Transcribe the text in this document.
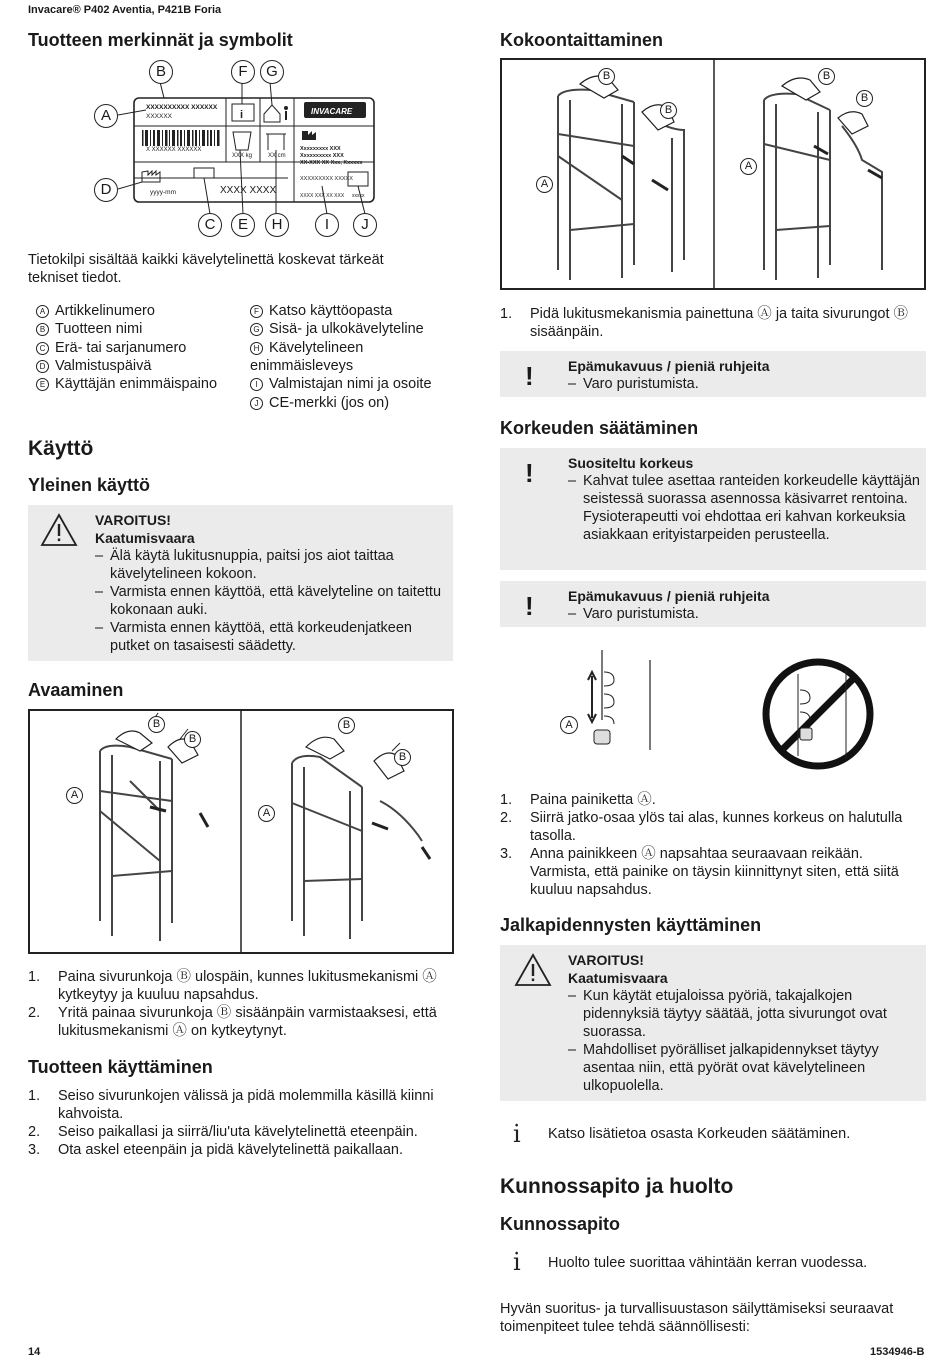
Invacare® P402 Aventia, P421B Foria
Tuotteen merkinnät ja symbolit
i	INVACARE
XXXXXXXXXX XXXXXX
XXXXXX
X XXXXXX XXXXXX
XXX kg	XX cm
Xxxxxxxxx XXX
Xxxxxxxxxx XXX
XX-XXX XX Xxx, Xxxxxx
yyyy-mm	XXXX XXXX
XXXXXXXXX XXXXX
XXXX XXX XX XXX xxxxx
B	F	G
A
D
C	E	H	I	J

Tietokilpi sisältää kaikki kävelytelinettä koskevat tärkeät tekniset tiedot.

A Artikkelinumero
B Tuotteen nimi
C Erä- tai sarjanumero
D Valmistuspäivä
E Käyttäjän enimmäispaino
F Katso käyttöopasta
G Sisä- ja ulkokävelyteline
H Kävelytelineen
enimmäisleveys
I Valmistajan nimi ja osoite
J CE-merkki (jos on)
Käyttö
Yleinen käyttö
VAROITUS!
Kaatumisvaara
– Älä käytä lukitusnuppia, paitsi jos aiot taittaa kävelytelineen kokoon.
– Varmista ennen käyttöä, että kävelyteline on taitettu kokonaan auki.
– Varmista ennen käyttöä, että korkeudenjatkeen putket on tasaisesti säädetty.
Avaaminen
B
B
A
B
B
A
1. Paina sivurunkoja Ⓑ ulospäin, kunnes lukitusmekanismi Ⓐ kytkeytyy ja kuuluu napsahdus.
2. Yritä painaa sivurunkoja Ⓑ sisäänpäin varmistaaksesi, että lukitusmekanismi Ⓐ on kytkeytynyt.
Tuotteen käyttäminen
1. Seiso sivurunkojen välissä ja pidä molemmilla käsillä kiinni kahvoista.
2. Seiso paikallasi ja siirrä/liu'uta kävelytelinettä eteenpäin.
3. Ota askel eteenpäin ja pidä kävelytelinettä paikallaan.
Kokoontaittaminen
B
B
A
B
B
A
1. Pidä lukitusmekanismia painettuna Ⓐ ja taita sivurungot Ⓑ sisäänpäin.
! Epämukavuus / pieniä ruhjeita
– Varo puristumista.
Korkeuden säätäminen
! Suositeltu korkeus
– Kahvat tulee asettaa ranteiden korkeudelle käyttäjän seistessä suorassa asennossa käsivarret rentoina. Fysioterapeutti voi ehdottaa eri kahvan korkeuksia asiakkaan erityistarpeiden perusteella.
! Epämukavuus / pieniä ruhjeita
– Varo puristumista.
A
1. Paina painiketta Ⓐ.
2. Siirrä jatko-osaa ylös tai alas, kunnes korkeus on halutulla tasolla.
3. Anna painikkeen Ⓐ napsahtaa seuraavaan reikään. Varmista, että painike on täysin kiinnittynyt siten, että siitä kuuluu napsahdus.
Jalkapidennysten käyttäminen
VAROITUS!
Kaatumisvaara
– Kun käytät etujaloissa pyöriä, takajalkojen pidennyksiä täytyy säätää, jotta sivurungot ovat suorassa.
– Mahdolliset pyörälliset jalkapidennykset täytyy asentaa niin, että pyörät ovat kävelytelineen ulkopuolella.
i Katso lisätietoa osasta Korkeuden säätäminen.

Kunnossapito ja huolto
Kunnossapito
i Huolto tulee suorittaa vähintään kerran vuodessa.

Hyvän suoritus- ja turvallisuustason säilyttämiseksi seuraavat toimenpiteet tulee tehdä säännöllisesti:

14	1534946-B
